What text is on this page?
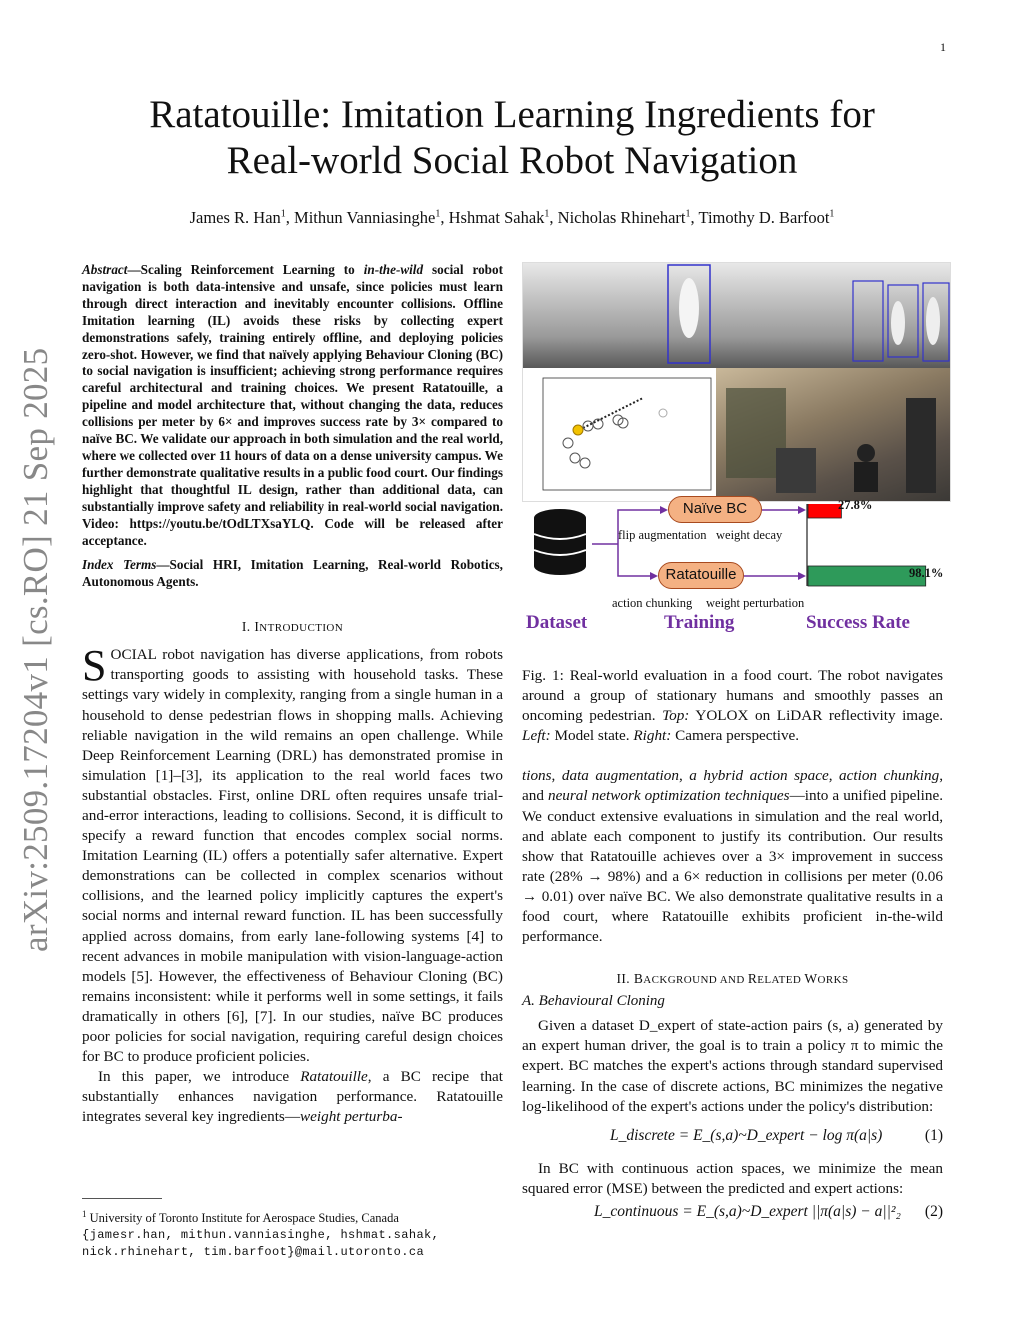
1
arXiv:2509.17204v1 [cs.RO] 21 Sep 2025
Ratatouille: Imitation Learning Ingredients for
Real-world Social Robot Navigation
James R. Han$^1$, Mithun Vanniasinghe$^1$, Hshmat Sahak$^1$, Nicholas Rhinehart$^1$, Timothy D. Barfoot$^1$
Abstract—Scaling Reinforcement Learning to in-the-wild social robot navigation is both data-intensive and unsafe, since policies must learn through direct interaction and inevitably encounter collisions. Offline Imitation learning (IL) avoids these risks by collecting expert demonstrations safely, training entirely offline, and deploying policies zero-shot. However, we find that naïvely applying Behaviour Cloning (BC) to social navigation is insufficient; achieving strong performance requires careful architectural and training choices. We present Ratatouille, a pipeline and model architecture that, without changing the data, reduces collisions per meter by 6× and improves success rate by 3× compared to naïve BC. We validate our approach in both simulation and the real world, where we collected over 11 hours of data on a dense university campus. We further demonstrate qualitative results in a public food court. Our findings highlight that thoughtful IL design, rather than additional data, can substantially improve safety and reliability in real-world social navigation. Video: https://youtu.be/tOdLTXsaYLQ. Code will be released after acceptance.
Index Terms—Social HRI, Imitation Learning, Real-world Robotics, Autonomous Agents.
I. INTRODUCTION

SOCIAL robot navigation has diverse applications, from robots transporting goods to assisting with household tasks. These settings vary widely in complexity, ranging from a single human in a household to dense pedestrian flows in shopping malls. Achieving reliable navigation in the wild remains an open challenge. While Deep Reinforcement Learning (DRL) has demonstrated promise in simulation [1]–[3], its application to the real world faces two substantial obstacles. First, online DRL often requires unsafe trial-and-error interactions, leading to collisions. Second, it is difficult to specify a reward function that encodes complex social norms. Imitation Learning (IL) offers a potentially safer alternative. Expert demonstrations can be collected in complex scenarios without collisions, and the learned policy implicitly captures the expert's social norms and internal reward function. IL has been successfully applied across domains, from early lane-following systems [4] to recent advances in mobile manipulation with vision-language-action models [5]. However, the effectiveness of Behaviour Cloning (BC) remains inconsistent: while it performs well in some settings, it fails dramatically in others [6], [7]. In our studies, naïve BC produces poor policies for social navigation, requiring careful design choices for BC to produce proficient policies.

In this paper, we introduce Ratatouille, a BC recipe that substantially enhances navigation performance. Ratatouille integrates several key ingredients—weight perturba-

$^1$ University of Toronto Institute for Aerospace Studies, Canada
{jamesr.han, mithun.vanniasinghe, hshmat.sahak, nick.rhinehart, tim.barfoot}@mail.utoronto.ca
Naïve BC
Ratatouille
flip augmentation weight decay
action chunking weight perturbation
27.8%
98.1%
Dataset	Training	Success Rate
Fig. 1: Real-world evaluation in a food court. The robot navigates around a group of stationary humans and smoothly passes an oncoming pedestrian. Top: YOLOX on LiDAR reflectivity image. Left: Model state. Right: Camera perspective.

tions, data augmentation, a hybrid action space, action chunking, and neural network optimization techniques—into a unified pipeline. We conduct extensive evaluations in simulation and the real world, and ablate each component to justify its contribution. Our results show that Ratatouille achieves over a 3× improvement in success rate (28% → 98%) and a 6× reduction in collisions per meter (0.06 → 0.01) over naïve BC. We also demonstrate qualitative results in a food court, where Ratatouille exhibits proficient in-the-wild performance.

II. BACKGROUND AND RELATED WORKS
A. Behavioural Cloning

Given a dataset D_expert of state-action pairs (s, a) generated by an expert human driver, the goal is to train a policy π to mimic the expert. BC matches the expert's actions through standard supervised learning. In the case of discrete actions, BC minimizes the negative log-likelihood of the expert's actions under the policy's distribution:

L_discrete = E_(s,a)~D_expert − log π(a|s)	(1)

In BC with continuous action spaces, we minimize the mean squared error (MSE) between the predicted and expert actions:

L_continuous = E_(s,a)~D_expert ||π(a|s) − a||²₂ (2)
